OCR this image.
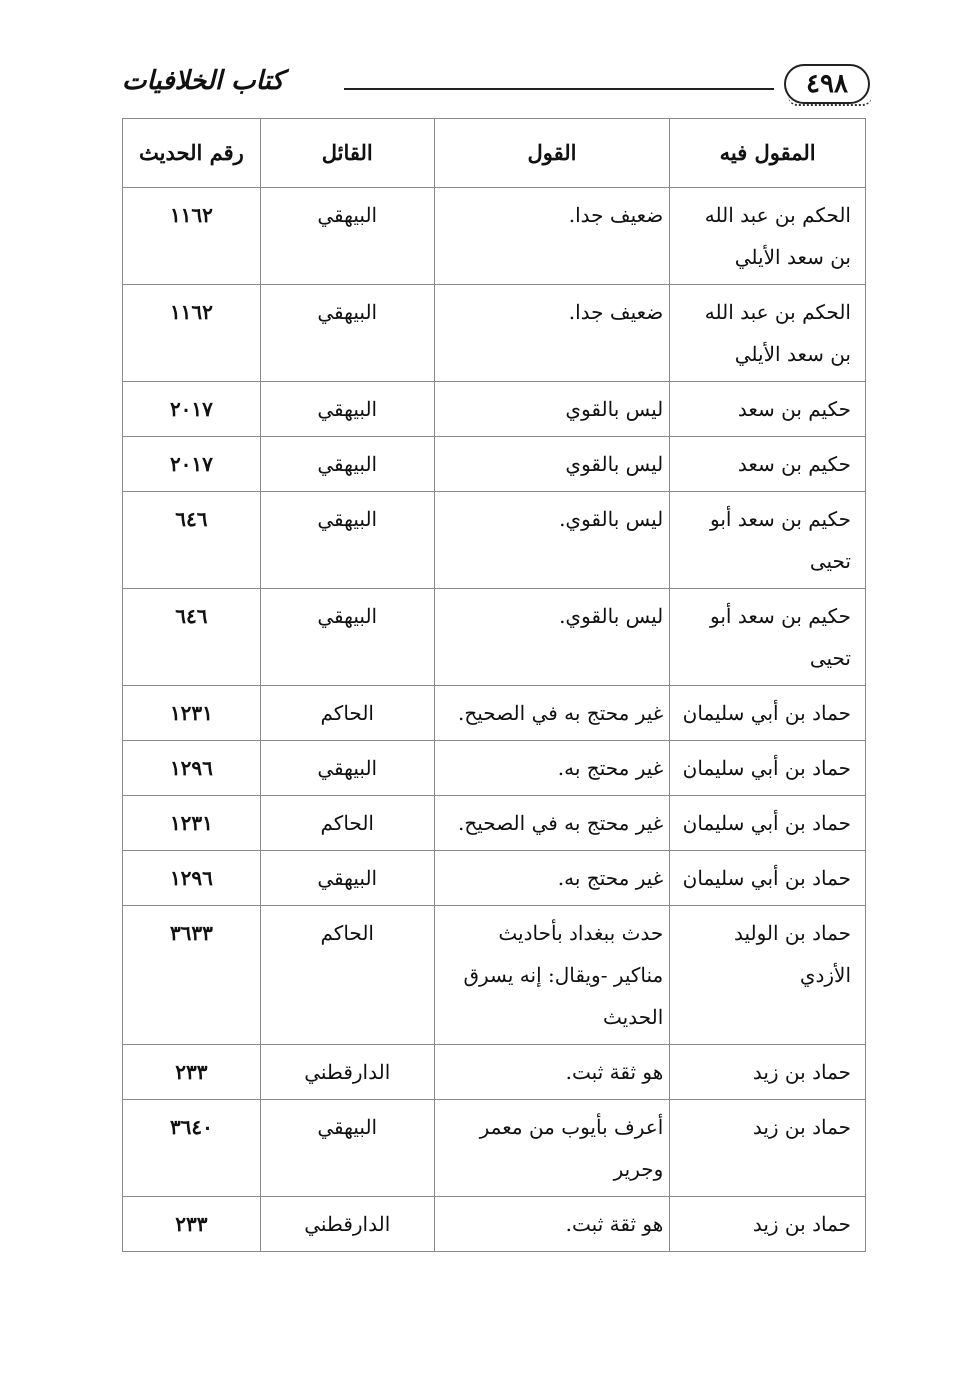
٤٩٨
كتاب الخلافيات
المقول فيه	القول	القائل	رقم الحديث
الحكم بن عبد الله بن سعد الأيلي	ضعيف جدا.	البيهقي	١١٦٢
الحكم بن عبد الله بن سعد الأيلي	ضعيف جدا.	البيهقي	١١٦٢
حكيم بن سعد	ليس بالقوي	البيهقي	٢٠١٧
حكيم بن سعد	ليس بالقوي	البيهقي	٢٠١٧
حكيم بن سعد أبو تحيى	ليس بالقوي.	البيهقي	٦٤٦
حكيم بن سعد أبو تحيى	ليس بالقوي.	البيهقي	٦٤٦
حماد بن أبي سليمان	غير محتج به في الصحيح.	الحاكم	١٢٣١
حماد بن أبي سليمان	غير محتج به.	البيهقي	١٢٩٦
حماد بن أبي سليمان	غير محتج به في الصحيح.	الحاكم	١٢٣١
حماد بن أبي سليمان	غير محتج به.	البيهقي	١٢٩٦
حماد بن الوليد الأزدي	حدث ببغداد بأحاديث مناكير -ويقال: إنه يسرق الحديث	الحاكم	٣٦٣٣
حماد بن زيد	هو ثقة ثبت.	الدارقطني	٢٣٣
حماد بن زيد	أعرف بأيوب من معمر وجرير	البيهقي	٣٦٤٠
حماد بن زيد	هو ثقة ثبت.	الدارقطني	٢٣٣
